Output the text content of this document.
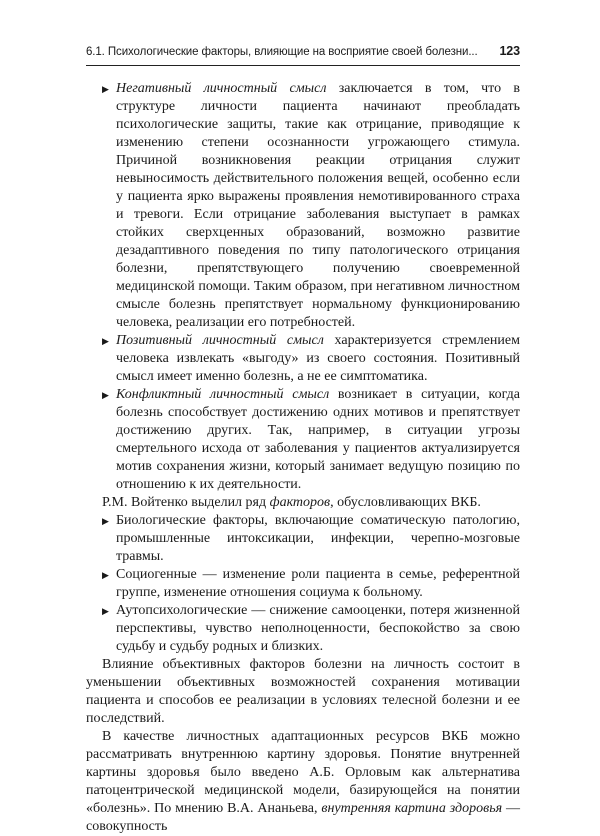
6.1. Психологические факторы, влияющие на восприятие своей болезни... 123

▶ Негативный личностный смысл заключается в том, что в структуре личности пациента начинают преобладать психологические защиты, такие как отрицание, приводящие к изменению степени осознанности угрожающего стимула. Причиной возникновения реакции отрицания служит невыносимость действительного положения вещей, особенно если у пациента ярко выражены проявления немотивированного страха и тревоги. Если отрицание заболевания выступает в рамках стойких сверхценных образований, возможно развитие дезадаптивного поведения по типу патологического отрицания болезни, препятствующего получению своевременной медицинской помощи. Таким образом, при негативном личностном смысле болезнь препятствует нормальному функционированию человека, реализации его потребностей.

▶ Позитивный личностный смысл характеризуется стремлением человека извлекать «выгоду» из своего состояния. Позитивный смысл имеет именно болезнь, а не ее симптоматика.

▶ Конфликтный личностный смысл возникает в ситуации, когда болезнь способствует достижению одних мотивов и препятствует достижению других. Так, например, в ситуации угрозы смертельного исхода от заболевания у пациентов актуализируется мотив сохранения жизни, который занимает ведущую позицию по отношению к их деятельности.

Р.М. Войтенко выделил ряд факторов, обусловливающих ВКБ.

▶ Биологические факторы, включающие соматическую патологию, промышленные интоксикации, инфекции, черепно-мозговые травмы.

▶ Социогенные — изменение роли пациента в семье, референтной группе, изменение отношения социума к больному.

▶ Аутопсихологические — снижение самооценки, потеря жизненной перспективы, чувство неполноценности, беспокойство за свою судьбу и судьбу родных и близких.

Влияние объективных факторов болезни на личность состоит в уменьшении объективных возможностей сохранения мотивации пациента и способов ее реализации в условиях телесной болезни и ее последствий.

В качестве личностных адаптационных ресурсов ВКБ можно рассматривать внутреннюю картину здоровья. Понятие внутренней картины здоровья было введено А.Б. Орловым как альтернатива патоцентрической медицинской модели, базирующейся на понятии «болезнь». По мнению В.А. Ананьева, внутренняя картина здоровья — совокупность
